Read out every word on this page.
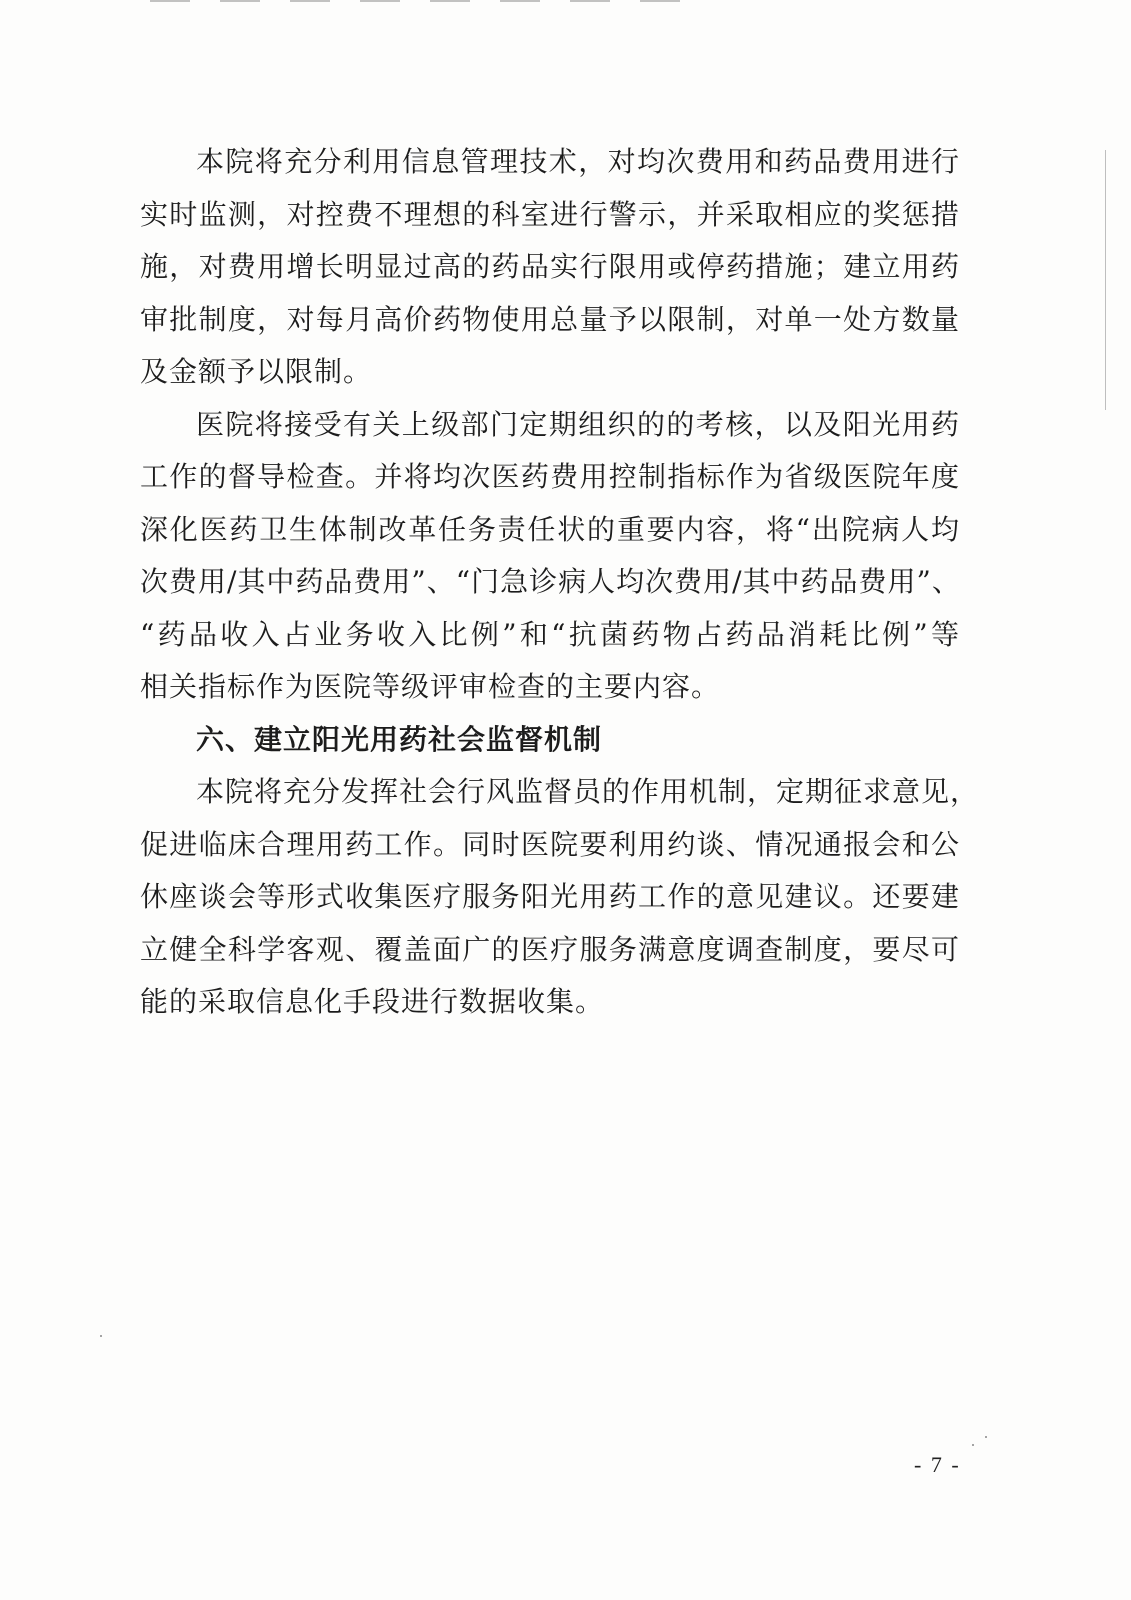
本院将充分利用信息管理技术，对均次费用和药品费用进行
实时监测，对控费不理想的科室进行警示，并采取相应的奖惩措
施，对费用增长明显过高的药品实行限用或停药措施；建立用药
审批制度，对每月高价药物使用总量予以限制，对单一处方数量
及金额予以限制。
医院将接受有关上级部门定期组织的的考核，以及阳光用药
工作的督导检查。并将均次医药费用控制指标作为省级医院年度
深化医药卫生体制改革任务责任状的重要内容，将“出院病人均
次费用/其中药品费用”、“门急诊病人均次费用/其中药品费用”、
“药品收入占业务收入比例”和“抗菌药物占药品消耗比例”等
相关指标作为医院等级评审检查的主要内容。
六、建立阳光用药社会监督机制
本院将充分发挥社会行风监督员的作用机制，定期征求意见，
促进临床合理用药工作。同时医院要利用约谈、情况通报会和公
休座谈会等形式收集医疗服务阳光用药工作的意见建议。还要建
立健全科学客观、覆盖面广的医疗服务满意度调查制度，要尽可
能的采取信息化手段进行数据收集。
- 7 -
